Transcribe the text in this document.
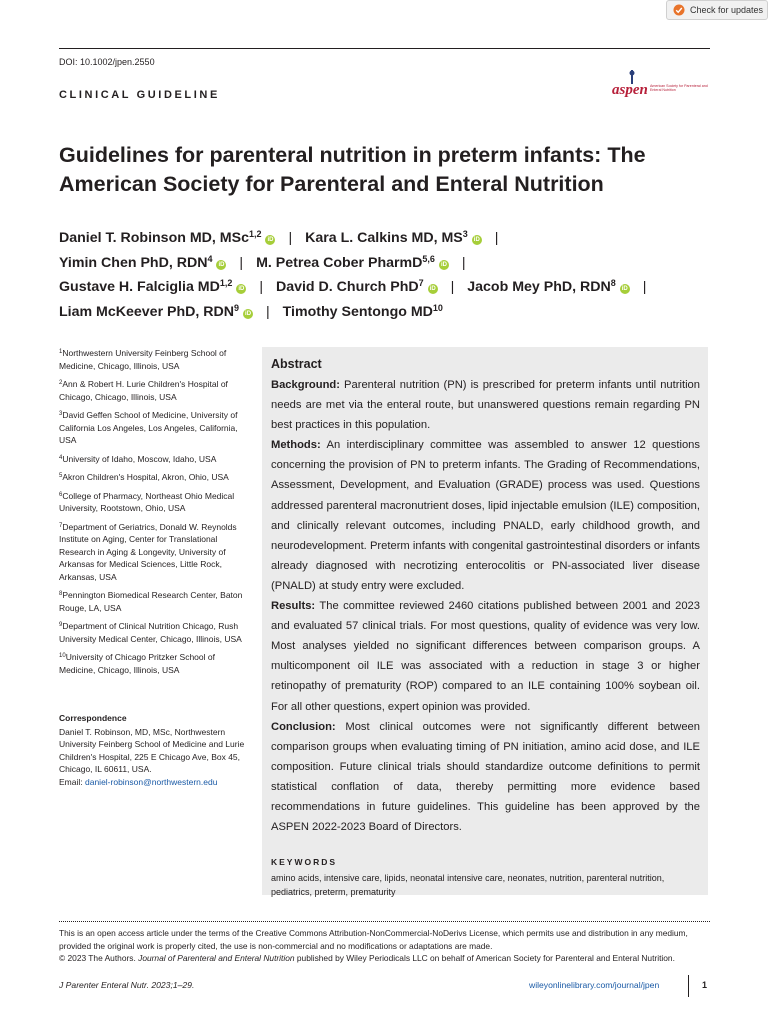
Check for updates
DOI: 10.1002/jpen.2550
CLINICAL GUIDELINE	aspen American Society for Parenteral and Enteral Nutrition
Guidelines for parenteral nutrition in preterm infants: The American Society for Parenteral and Enteral Nutrition
Daniel T. Robinson MD, MSc$^{1,2}$iD | Kara L. Calkins MD, $MS^3iD$ |
Yimin Chen PhD, RDN$^4$iD | M. Petrea Cober PharmD$^{5,6}$iD |
Gustave H. Falciglia MD$^{1,2}$iD | David D. Church PhD$^7$iD | Jacob Mey PhD, RDN$^8$iD |
Liam McKeever PhD, RDN$^9$iD | Timothy Sentongo MD$^{10}$

$^1$Northwestern University Feinberg School of Medicine, Chicago, Illinois, USA

$^2$Ann & Robert H. Lurie Children's Hospital of Chicago, Chicago, Illinois, USA

$^3$David Geffen School of Medicine, University of California Los Angeles, Los Angeles, California, USA

$^4$University of Idaho, Moscow, Idaho, USA

$^5$Akron Children's Hospital, Akron, Ohio, USA

$^6$College of Pharmacy, Northeast Ohio Medical University, Rootstown, Ohio, USA

$^7$Department of Geriatrics, Donald W. Reynolds Institute on Aging, Center for Translational Research in Aging & Longevity, University of Arkansas for Medical Sciences, Little Rock, Arkansas, USA

$^8$Pennington Biomedical Research Center, Baton Rouge, LA, USA

$^9$Department of Clinical Nutrition Chicago, Rush University Medical Center, Chicago, Illinois, USA

$^{10}$University of Chicago Pritzker School of Medicine, Chicago, Illinois, USA

Correspondence
Daniel T. Robinson, MD, MSc, Northwestern University Feinberg School of Medicine and Lurie Children's Hospital, 225 E Chicago Ave, Box 45, Chicago, IL 60611, USA.
Email: daniel-robinson@northwestern.edu

Abstract

Background: Parenteral nutrition (PN) is prescribed for preterm infants until nutrition needs are met via the enteral route, but unanswered questions remain regarding PN best practices in this population.

Methods: An interdisciplinary committee was assembled to answer 12 questions concerning the provision of PN to preterm infants. The Grading of Recommendations, Assessment, Development, and Evaluation (GRADE) process was used. Questions addressed parenteral macronutrient doses, lipid injectable emulsion (ILE) composition, and clinically relevant outcomes, including PNALD, early childhood growth, and neurodevelopment. Preterm infants with congenital gastrointestinal disorders or infants already diagnosed with necrotizing enterocolitis or PN-associated liver disease (PNALD) at study entry were excluded.

Results: The committee reviewed 2460 citations published between 2001 and 2023 and evaluated 57 clinical trials. For most questions, quality of evidence was very low. Most analyses yielded no significant differences between comparison groups. A multicomponent oil ILE was associated with a reduction in stage 3 or higher retinopathy of prematurity (ROP) compared to an ILE containing 100% soybean oil. For all other questions, expert opinion was provided.

Conclusion: Most clinical outcomes were not significantly different between comparison groups when evaluating timing of PN initiation, amino acid dose, and ILE composition. Future clinical trials should standardize outcome definitions to permit statistical conflation of data, thereby permitting more evidence based recommendations in future guidelines. This guideline has been approved by the ASPEN 2022-2023 Board of Directors.

KEYWORDS
amino acids, intensive care, lipids, neonatal intensive care, neonates, nutrition, parenteral nutrition, pediatrics, preterm, prematurity

This is an open access article under the terms of the Creative Commons Attribution-NonCommercial-NoDerivs License, which permits use and distribution in any medium, provided the original work is properly cited, the use is non-commercial and no modifications or adaptations are made.

© 2023 The Authors. Journal of Parenteral and Enteral Nutrition published by Wiley Periodicals LLC on behalf of American Society for Parenteral and Enteral Nutrition.

J Parenter Enteral Nutr. 2023;1–29.	wileyonlinelibrary.com/journal/jpen	1
